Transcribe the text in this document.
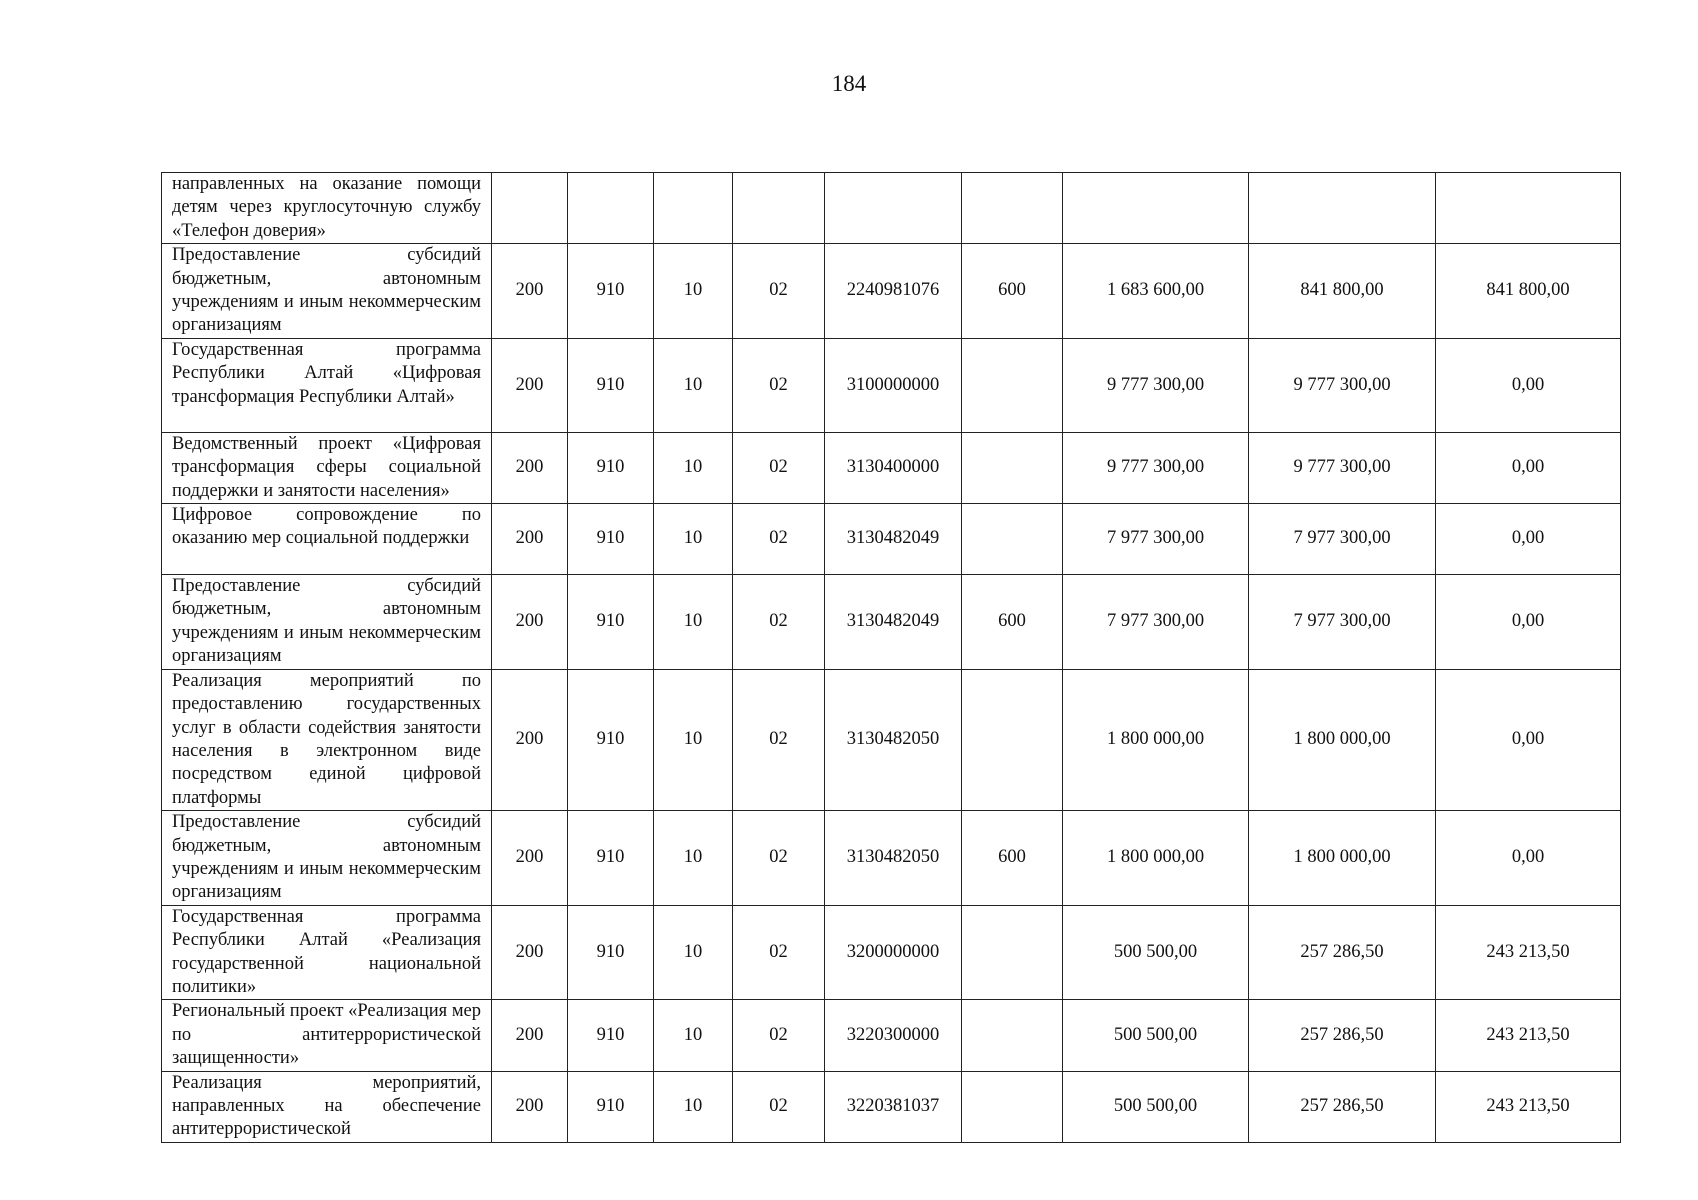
184
направленных на оказание помощи детям через круглосуточную службу «Телефон доверия»									
Предоставление субсидий бюджетным, автономным учреждениям и иным некоммерческим организациям	200	910	10	02	2240981076	600	1 683 600,00	841 800,00	841 800,00
Государственная программа Республики Алтай «Цифровая трансформация Республики Алтай»	200	910	10	02	3100000000		9 777 300,00	9 777 300,00	0,00
Ведомственный проект «Цифровая трансформация сферы социальной поддержки и занятости населения»	200	910	10	02	3130400000		9 777 300,00	9 777 300,00	0,00
Цифровое сопровождение по оказанию мер социальной поддержки	200	910	10	02	3130482049		7 977 300,00	7 977 300,00	0,00
Предоставление субсидий бюджетным, автономным учреждениям и иным некоммерческим организациям	200	910	10	02	3130482049	600	7 977 300,00	7 977 300,00	0,00
Реализация мероприятий по предоставлению государственных услуг в области содействия занятости населения в электронном виде посредством единой цифровой платформы	200	910	10	02	3130482050		1 800 000,00	1 800 000,00	0,00
Предоставление субсидий бюджетным, автономным учреждениям и иным некоммерческим организациям	200	910	10	02	3130482050	600	1 800 000,00	1 800 000,00	0,00
Государственная программа Республики Алтай «Реализация государственной национальной политики»	200	910	10	02	3200000000		500 500,00	257 286,50	243 213,50
Региональный проект «Реализация мер по антитеррористической защищенности»	200	910	10	02	3220300000		500 500,00	257 286,50	243 213,50
Реализация мероприятий, направленных на обеспечение антитеррористической	200	910	10	02	3220381037		500 500,00	257 286,50	243 213,50
